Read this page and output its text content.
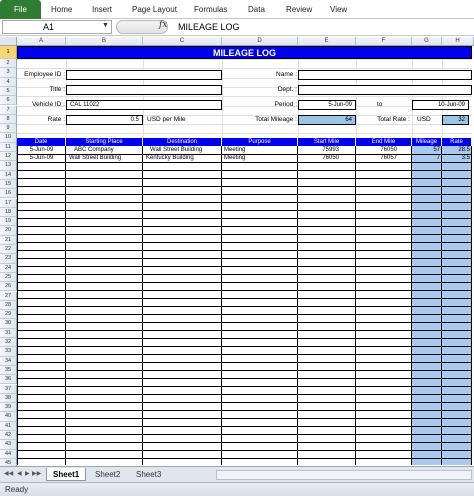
File	Home Insert Page Layout Formulas	Data	Review View
A1	▼	fx MILEAGE LOG
A	B	C	D	E	F	G	H
1
2
3
4
5
6
7
8
9
10
11
12
13
14
15
16
17
18
19
20
21
22
23
24
25
26
27
28
29
30
31
32
33
34
35
36
37
38
39
40
41
42
43
44
45
MILEAGE LOG
Employee ID :	Name :
Title :	Dept. :
Vehicle ID : CAL 11022	Period :	5-Jun-09	to	10-Jun-09
Rate :	0.5	USD per Mile	Total Mileage :	64	Total Rate : USD	32
Date	Starting Place	Destination	Purpose	Start Mile	End Mile	Mileage	Rate
5-Jun-09	ABC Company	Wall Street Building	Meeting	75993	76050	57	28.5
5-Jun-09	Wall Street Building	Kentucky Building	Meeting	76050	76057	7	3.5
◀◀ ◀ ▶ ▶▶	Sheet1	Sheet2	Sheet3
Ready
